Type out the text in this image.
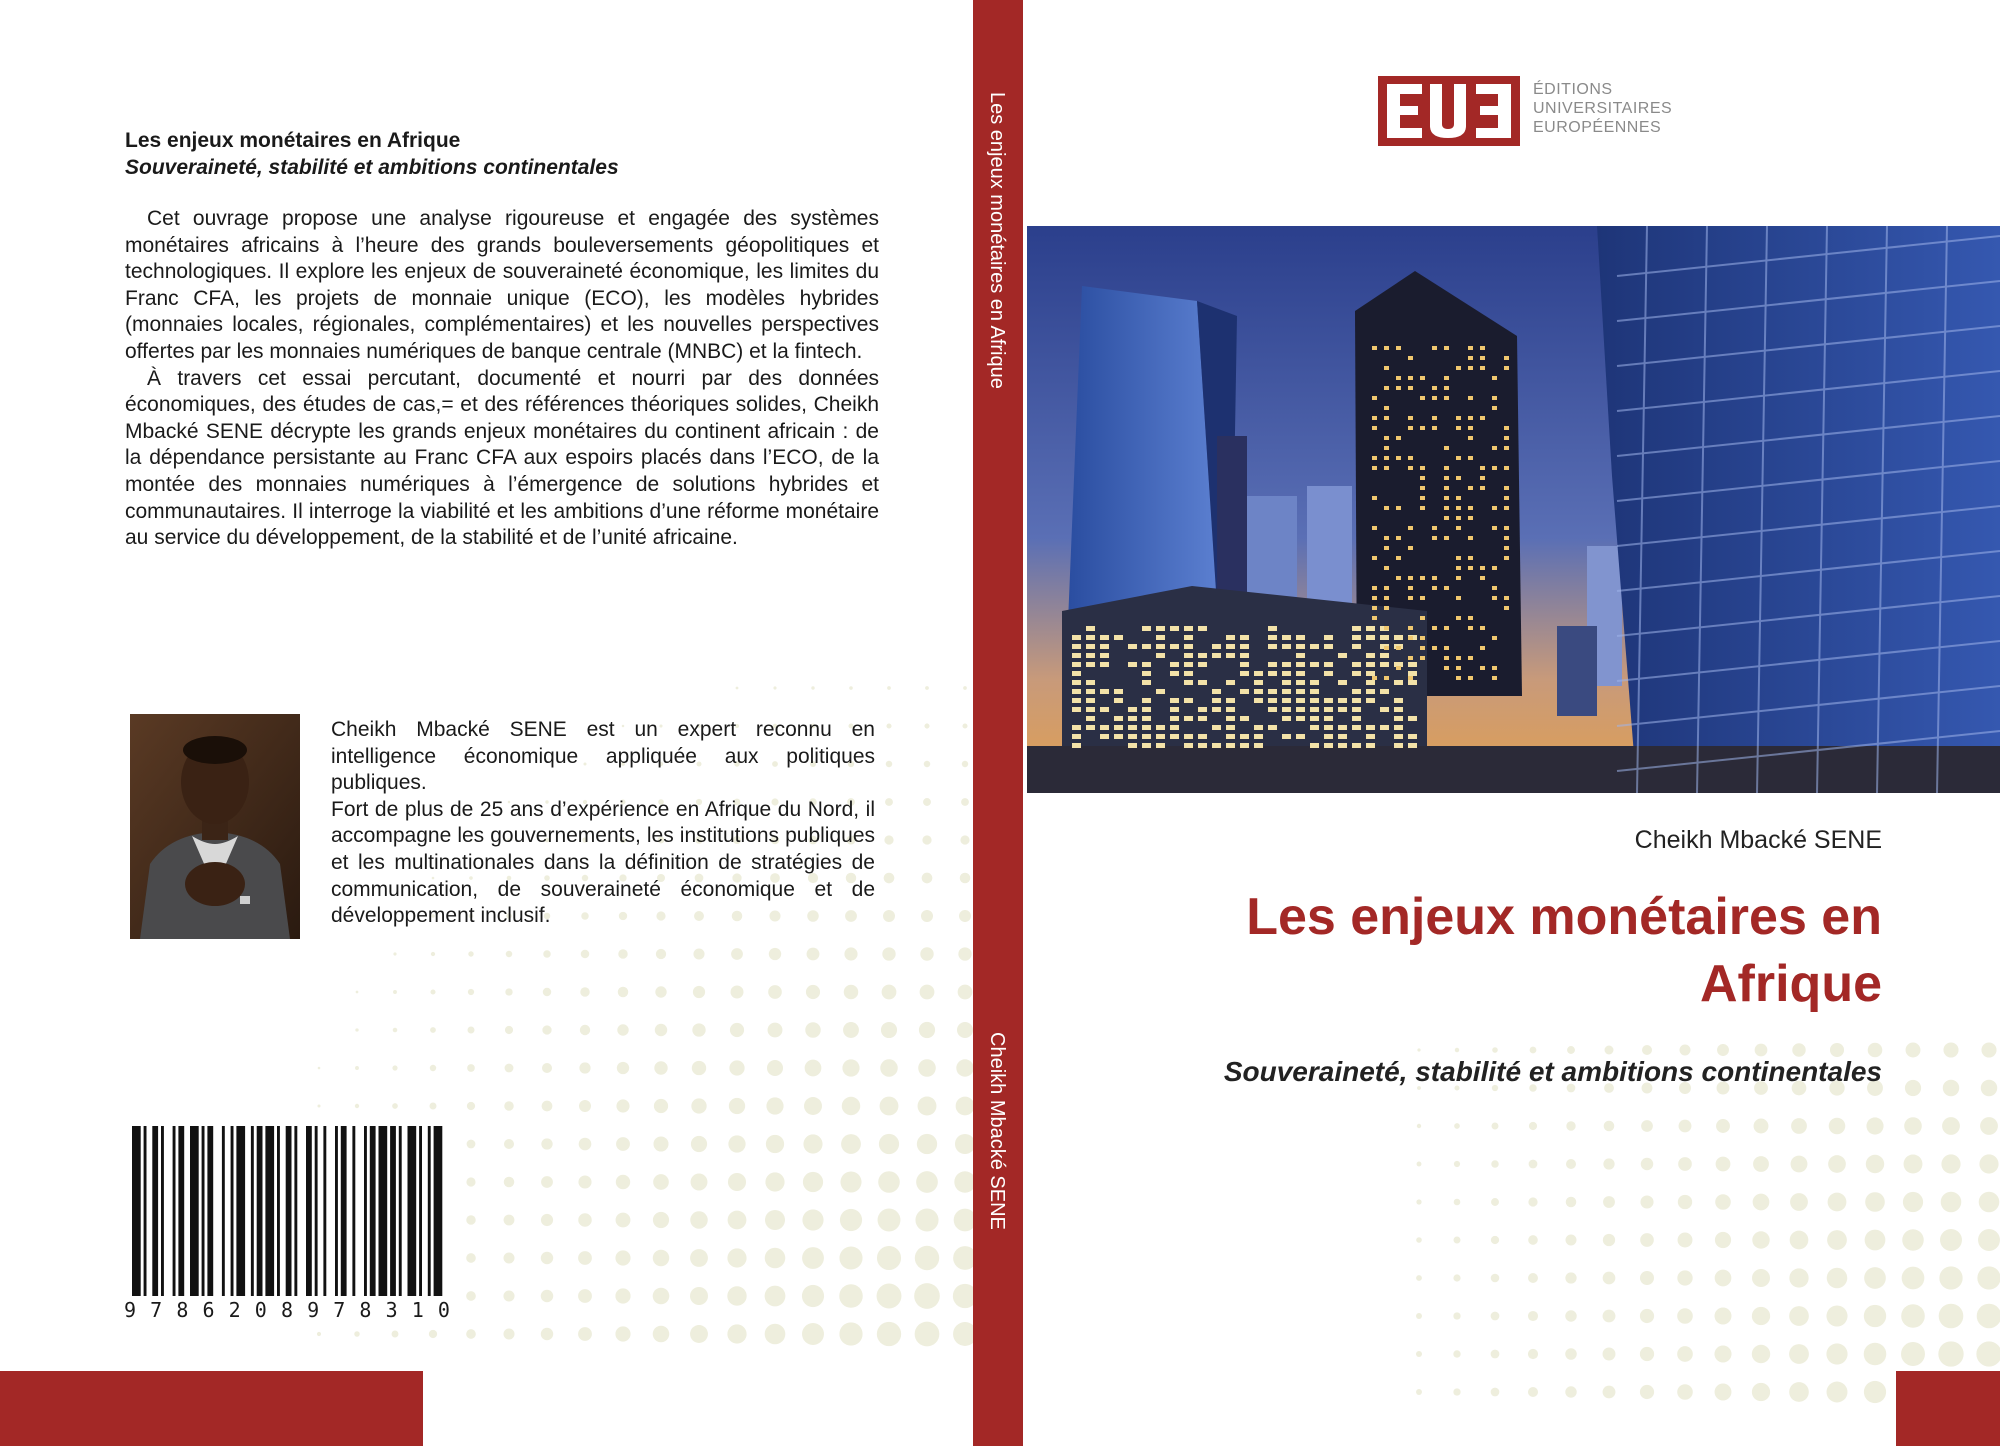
Les enjeux monétaires en Afrique
Souveraineté, stabilité et ambitions continentales

Cet ouvrage propose une analyse rigoureuse et engagée des systèmes monétaires africains à l’heure des grands bouleversements géopolitiques et technologiques. Il explore les enjeux de souveraineté économique, les limites du Franc CFA, les projets de monnaie unique (ECO), les modèles hybrides (monnaies locales, régionales, complémentaires) et les nouvelles perspectives offertes par les monnaies numériques de banque centrale (MNBC) et la fintech.

À travers cet essai percutant, documenté et nourri par des données économiques, des études de cas,= et des références théoriques solides, Cheikh Mbacké SENE décrypte les grands enjeux monétaires du continent africain : de la dépendance persistante au Franc CFA aux espoirs placés dans l’ECO, de la montée des monnaies numériques à l’émergence de solutions hybrides et communautaires. Il interroge la viabilité et les ambitions d’une réforme monétaire au service du développement, de la stabilité et de l’unité africaine.

Cheikh Mbacké SENE est un expert reconnu en intelligence économique appliquée aux politiques publiques.

Fort de plus de 25 ans d’expérience en Afrique du Nord, il accompagne les gouvernements, les institutions publiques et les multinationales dans la définition de stratégies de communication, de souveraineté économique et de développement inclusif.

9 7 8 6 2 0 8 9 7 8 3 1 0
Les enjeux monétaires en Afrique
Cheikh Mbacké SENE
ÉDITIONS
UNIVERSITAIRES
EUROPÉENNES
Cheikh Mbacké SENE
Les enjeux monétaires en Afrique
Souveraineté, stabilité et ambitions continentales
